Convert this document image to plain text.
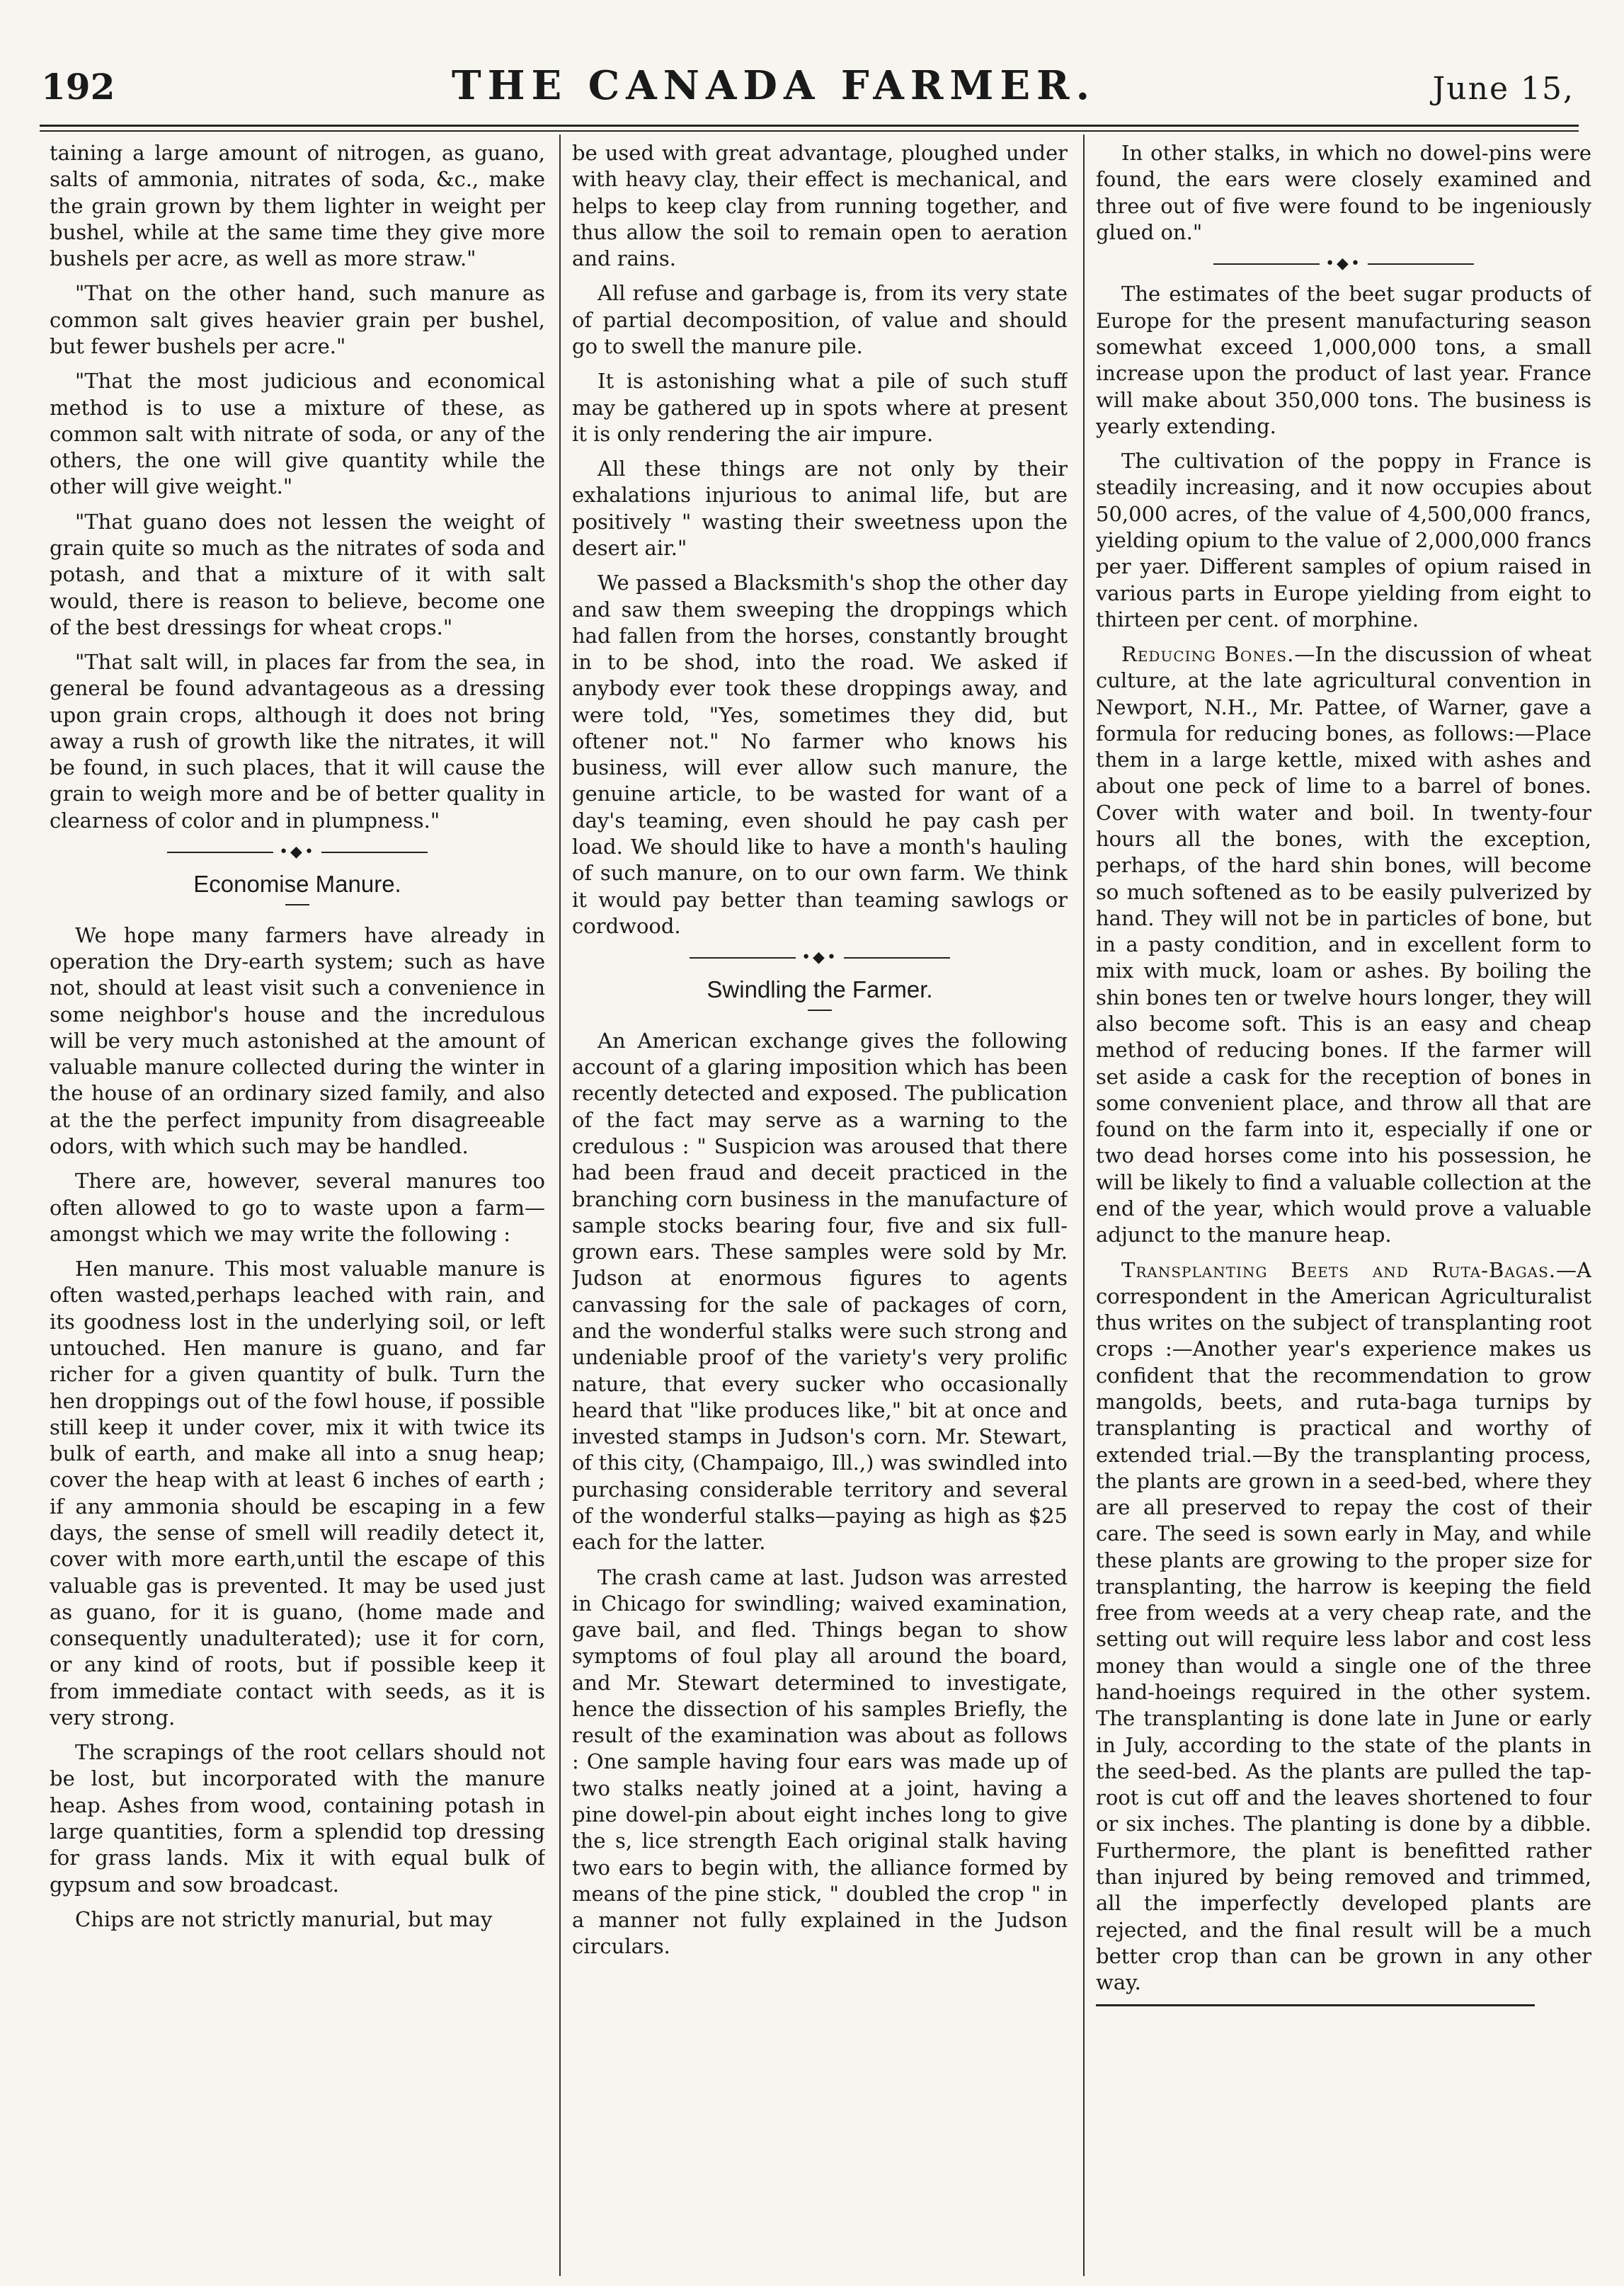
192	THE CANADA FARMER.	June 15,

taining a large amount of nitrogen, as guano, salts of ammonia, nitrates of soda, &c., make the grain grown by them lighter in weight per bushel, while at the same time they give more bushels per acre, as well as more straw."

"That on the other hand, such manure as common salt gives heavier grain per bushel, but fewer bushels per acre."

"That the most judicious and economical method is to use a mixture of these, as common salt with nitrate of soda, or any of the others, the one will give quantity while the other will give weight."

"That guano does not lessen the weight of grain quite so much as the nitrates of soda and potash, and that a mixture of it with salt would, there is reason to believe, become one of the best dressings for wheat crops."

"That salt will, in places far from the sea, in general be found advantageous as a dressing upon grain crops, although it does not bring away a rush of growth like the nitrates, it will be found, in such places, that it will cause the grain to weigh more and be of better quality in clearness of color and in plumpness."

•◆•
Economise Manure.

We hope many farmers have already in operation the Dry-earth system; such as have not, should at least visit such a convenience in some neighbor's house and the incredulous will be very much astonished at the amount of valuable manure collected during the winter in the house of an ordinary sized family, and also at the the perfect impunity from disagreeable odors, with which such may be handled.

There are, however, several manures too often allowed to go to waste upon a farm—amongst which we may write the following :

Hen manure. This most valuable manure is often wasted,perhaps leached with rain, and its goodness lost in the underlying soil, or left untouched. Hen manure is guano, and far richer for a given quantity of bulk. Turn the hen droppings out of the fowl house, if possible still keep it under cover, mix it with twice its bulk of earth, and make all into a snug heap; cover the heap with at least 6 inches of earth ; if any ammonia should be escaping in a few days, the sense of smell will readily detect it, cover with more earth,until the escape of this valuable gas is prevented. It may be used just as guano, for it is guano, (home made and consequently unadulterated); use it for corn, or any kind of roots, but if possible keep it from immediate contact with seeds, as it is very strong.

The scrapings of the root cellars should not be lost, but incorporated with the manure heap. Ashes from wood, containing potash in large quantities, form a splendid top dressing for grass lands. Mix it with equal bulk of gypsum and sow broadcast.

Chips are not strictly manurial, but may

be used with great advantage, ploughed under with heavy clay, their effect is mechanical, and helps to keep clay from running together, and thus allow the soil to remain open to aeration and rains.

All refuse and garbage is, from its very state of partial decomposition, of value and should go to swell the manure pile.

It is astonishing what a pile of such stuff may be gathered up in spots where at present it is only rendering the air impure.

All these things are not only by their exhalations injurious to animal life, but are positively " wasting their sweetness upon the desert air."

We passed a Blacksmith's shop the other day and saw them sweeping the droppings which had fallen from the horses, constantly brought in to be shod, into the road. We asked if anybody ever took these droppings away, and were told, "Yes, sometimes they did, but oftener not." No farmer who knows his business, will ever allow such manure, the genuine article, to be wasted for want of a day's teaming, even should he pay cash per load. We should like to have a month's hauling of such manure, on to our own farm. We think it would pay better than teaming sawlogs or cordwood.

•◆•
Swindling the Farmer.

An American exchange gives the following account of a glaring imposition which has been recently detected and exposed. The publication of the fact may serve as a warning to the credulous : " Suspicion was aroused that there had been fraud and deceit practiced in the branching corn business in the manufacture of sample stocks bearing four, five and six full-grown ears. These samples were sold by Mr. Judson at enormous figures to agents canvassing for the sale of packages of corn, and the wonderful stalks were such strong and undeniable proof of the variety's very prolific nature, that every sucker who occasionally heard that "like produces like," bit at once and invested stamps in Judson's corn. Mr. Stewart, of this city, (Champaigo, Ill.,) was swindled into purchasing considerable territory and several of the wonderful stalks—paying as high as $25 each for the latter.

The crash came at last. Judson was arrested in Chicago for swindling; waived examination, gave bail, and fled. Things began to show symptoms of foul play all around the board, and Mr. Stewart determined to investigate, hence the dissection of his samples Briefly, the result of the examination was about as follows : One sample having four ears was made up of two stalks neatly joined at a joint, having a pine dowel-pin about eight inches long to give the s, lice strength Each original stalk having two ears to begin with, the alliance formed by means of the pine stick, " doubled the crop " in a manner not fully explained in the Judson circulars.

In other stalks, in which no dowel-pins were found, the ears were closely examined and three out of five were found to be ingeniously glued on."

•◆•

The estimates of the beet sugar products of Europe for the present manufacturing season somewhat exceed 1,000,000 tons, a small increase upon the product of last year. France will make about 350,000 tons. The business is yearly extending.

The cultivation of the poppy in France is steadily increasing, and it now occupies about 50,000 acres, of the value of 4,500,000 francs, yielding opium to the value of 2,000,000 francs per yaer. Different samples of opium raised in various parts in Europe yielding from eight to thirteen per cent. of morphine.

Reducing Bones.—In the discussion of wheat culture, at the late agricultural convention in Newport, N.H., Mr. Pattee, of Warner, gave a formula for reducing bones, as follows:—Place them in a large kettle, mixed with ashes and about one peck of lime to a barrel of bones. Cover with water and boil. In twenty-four hours all the bones, with the exception, perhaps, of the hard shin bones, will become so much softened as to be easily pulverized by hand. They will not be in particles of bone, but in a pasty condition, and in excellent form to mix with muck, loam or ashes. By boiling the shin bones ten or twelve hours longer, they will also become soft. This is an easy and cheap method of reducing bones. If the farmer will set aside a cask for the reception of bones in some convenient place, and throw all that are found on the farm into it, especially if one or two dead horses come into his possession, he will be likely to find a valuable collection at the end of the year, which would prove a valuable adjunct to the manure heap.

Transplanting Beets and Ruta-Bagas.—A correspondent in the American Agriculturalist thus writes on the subject of transplanting root crops :—Another year's experience makes us confident that the recommendation to grow mangolds, beets, and ruta-baga turnips by transplanting is practical and worthy of extended trial.—By the transplanting process, the plants are grown in a seed-bed, where they are all preserved to repay the cost of their care. The seed is sown early in May, and while these plants are growing to the proper size for transplanting, the harrow is keeping the field free from weeds at a very cheap rate, and the setting out will require less labor and cost less money than would a single one of the three hand-hoeings required in the other system. The transplanting is done late in June or early in July, according to the state of the plants in the seed-bed. As the plants are pulled the tap-root is cut off and the leaves shortened to four or six inches. The planting is done by a dibble. Furthermore, the plant is benefitted rather than injured by being removed and trimmed, all the imperfectly developed plants are rejected, and the final result will be a much better crop than can be grown in any other way.
